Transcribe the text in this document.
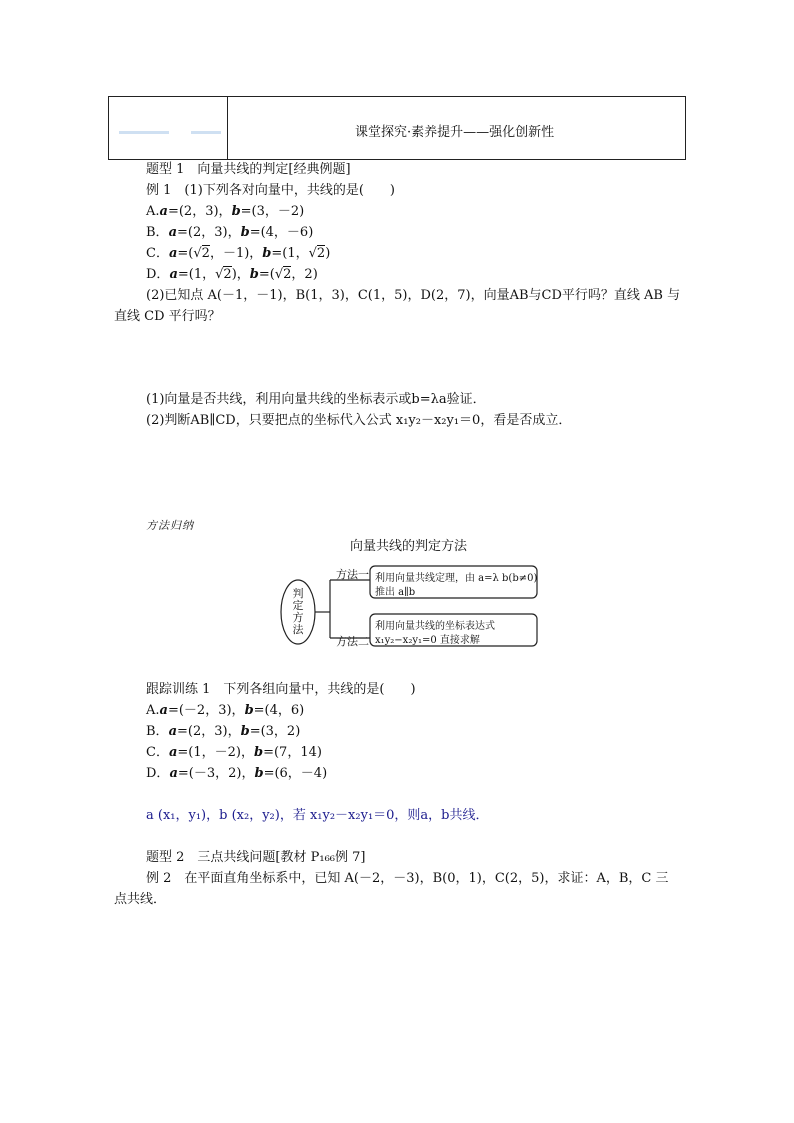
课堂探究·素养提升——强化创新性
题型 1　向量共线的判定[经典例题]
例 1　(1)下列各对向量中，共线的是(　　)
A.a=(2，3)，b=(3，－2)
B．a=(2，3)，b=(4，－6)
C．a=(√2，－1)，b=(1，√2)
D．a=(1，√2)，b=(√2，2)
(2)已知点 A(－1，－1)，B(1，3)，C(1，5)，D(2，7)，向量AB与CD平行吗？直线 AB 与
直线 CD 平行吗？
(1)向量是否共线，利用向量共线的坐标表示或b=λa验证．
(2)判断AB∥CD，只要把点的坐标代入公式 x₁y₂－x₂y₁＝0，看是否成立．
方法归纳
向量共线的判定方法
判
定
方
法
方法一
方法二
利用向量共线定理，由 a=λ b(b≠0)
推出 a∥b
利用向量共线的坐标表达式
x₁y₂−x₂y₁=0 直接求解
跟踪训练 1　下列各组向量中，共线的是(　　)
A.a=(－2，3)，b=(4，6)
B．a=(2，3)，b=(3，2)
C．a=(1，－2)，b=(7，14)
D．a=(－3，2)，b=(6，－4)
a (x₁，y₁)，b (x₂，y₂)，若 x₁y₂－x₂y₁＝0，则a，b共线．
题型 2　三点共线问题[教材 P₁₆₆例 7]
例 2　在平面直角坐标系中，已知 A(－2，－3)，B(0，1)，C(2，5)，求证：A，B，C 三
点共线．
